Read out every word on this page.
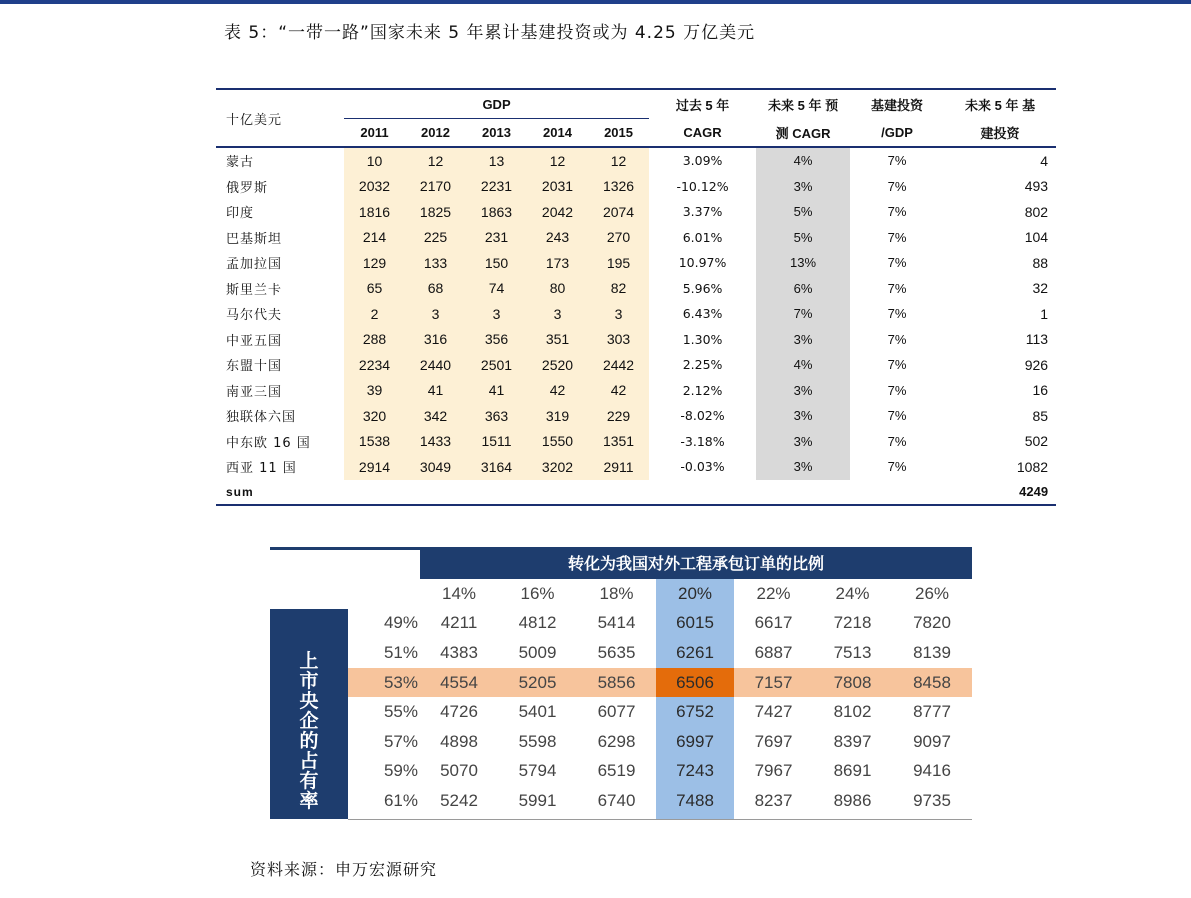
表 5：“一带一路”国家未来 5 年累计基建投资或为 4.25 万亿美元
十亿美元	GDP					过去 5 年	未来 5 年 预	基建投资	未来 5 年 基
	2011	2012	2013	2014	2015	CAGR	测 CAGR	/GDP	建投资
蒙古	10	12	13	12	12	3.09%	4%	7%	4
俄罗斯	2032	2170	2231	2031	1326	-10.12%	3%	7%	493
印度	1816	1825	1863	2042	2074	3.37%	5%	7%	802
巴基斯坦	214	225	231	243	270	6.01%	5%	7%	104
孟加拉国	129	133	150	173	195	10.97%	13%	7%	88
斯里兰卡	65	68	74	80	82	5.96%	6%	7%	32
马尔代夫	2	3	3	3	3	6.43%	7%	7%	1
中亚五国	288	316	356	351	303	1.30%	3%	7%	113
东盟十国	2234	2440	2501	2520	2442	2.25%	4%	7%	926
南亚三国	39	41	41	42	42	2.12%	3%	7%	16
独联体六国	320	342	363	319	229	-8.02%	3%	7%	85
中东欧 16 国	1538	1433	1511	1550	1351	-3.18%	3%	7%	502
西亚 11 国	2914	3049	3164	3202	2911	-0.03%	3%	7%	1082
sum									4249
转化为我国对外工程承包订单的比例
上市央企的占有率
	14%	16%	18%	20%	22%	24%	26%
49%	4211	4812	5414	6015	6617	7218	7820
51%	4383	5009	5635	6261	6887	7513	8139
53%	4554	5205	5856	6506	7157	7808	8458
55%	4726	5401	6077	6752	7427	8102	8777
57%	4898	5598	6298	6997	7697	8397	9097
59%	5070	5794	6519	7243	7967	8691	9416
61%	5242	5991	6740	7488	8237	8986	9735
资料来源：申万宏源研究
